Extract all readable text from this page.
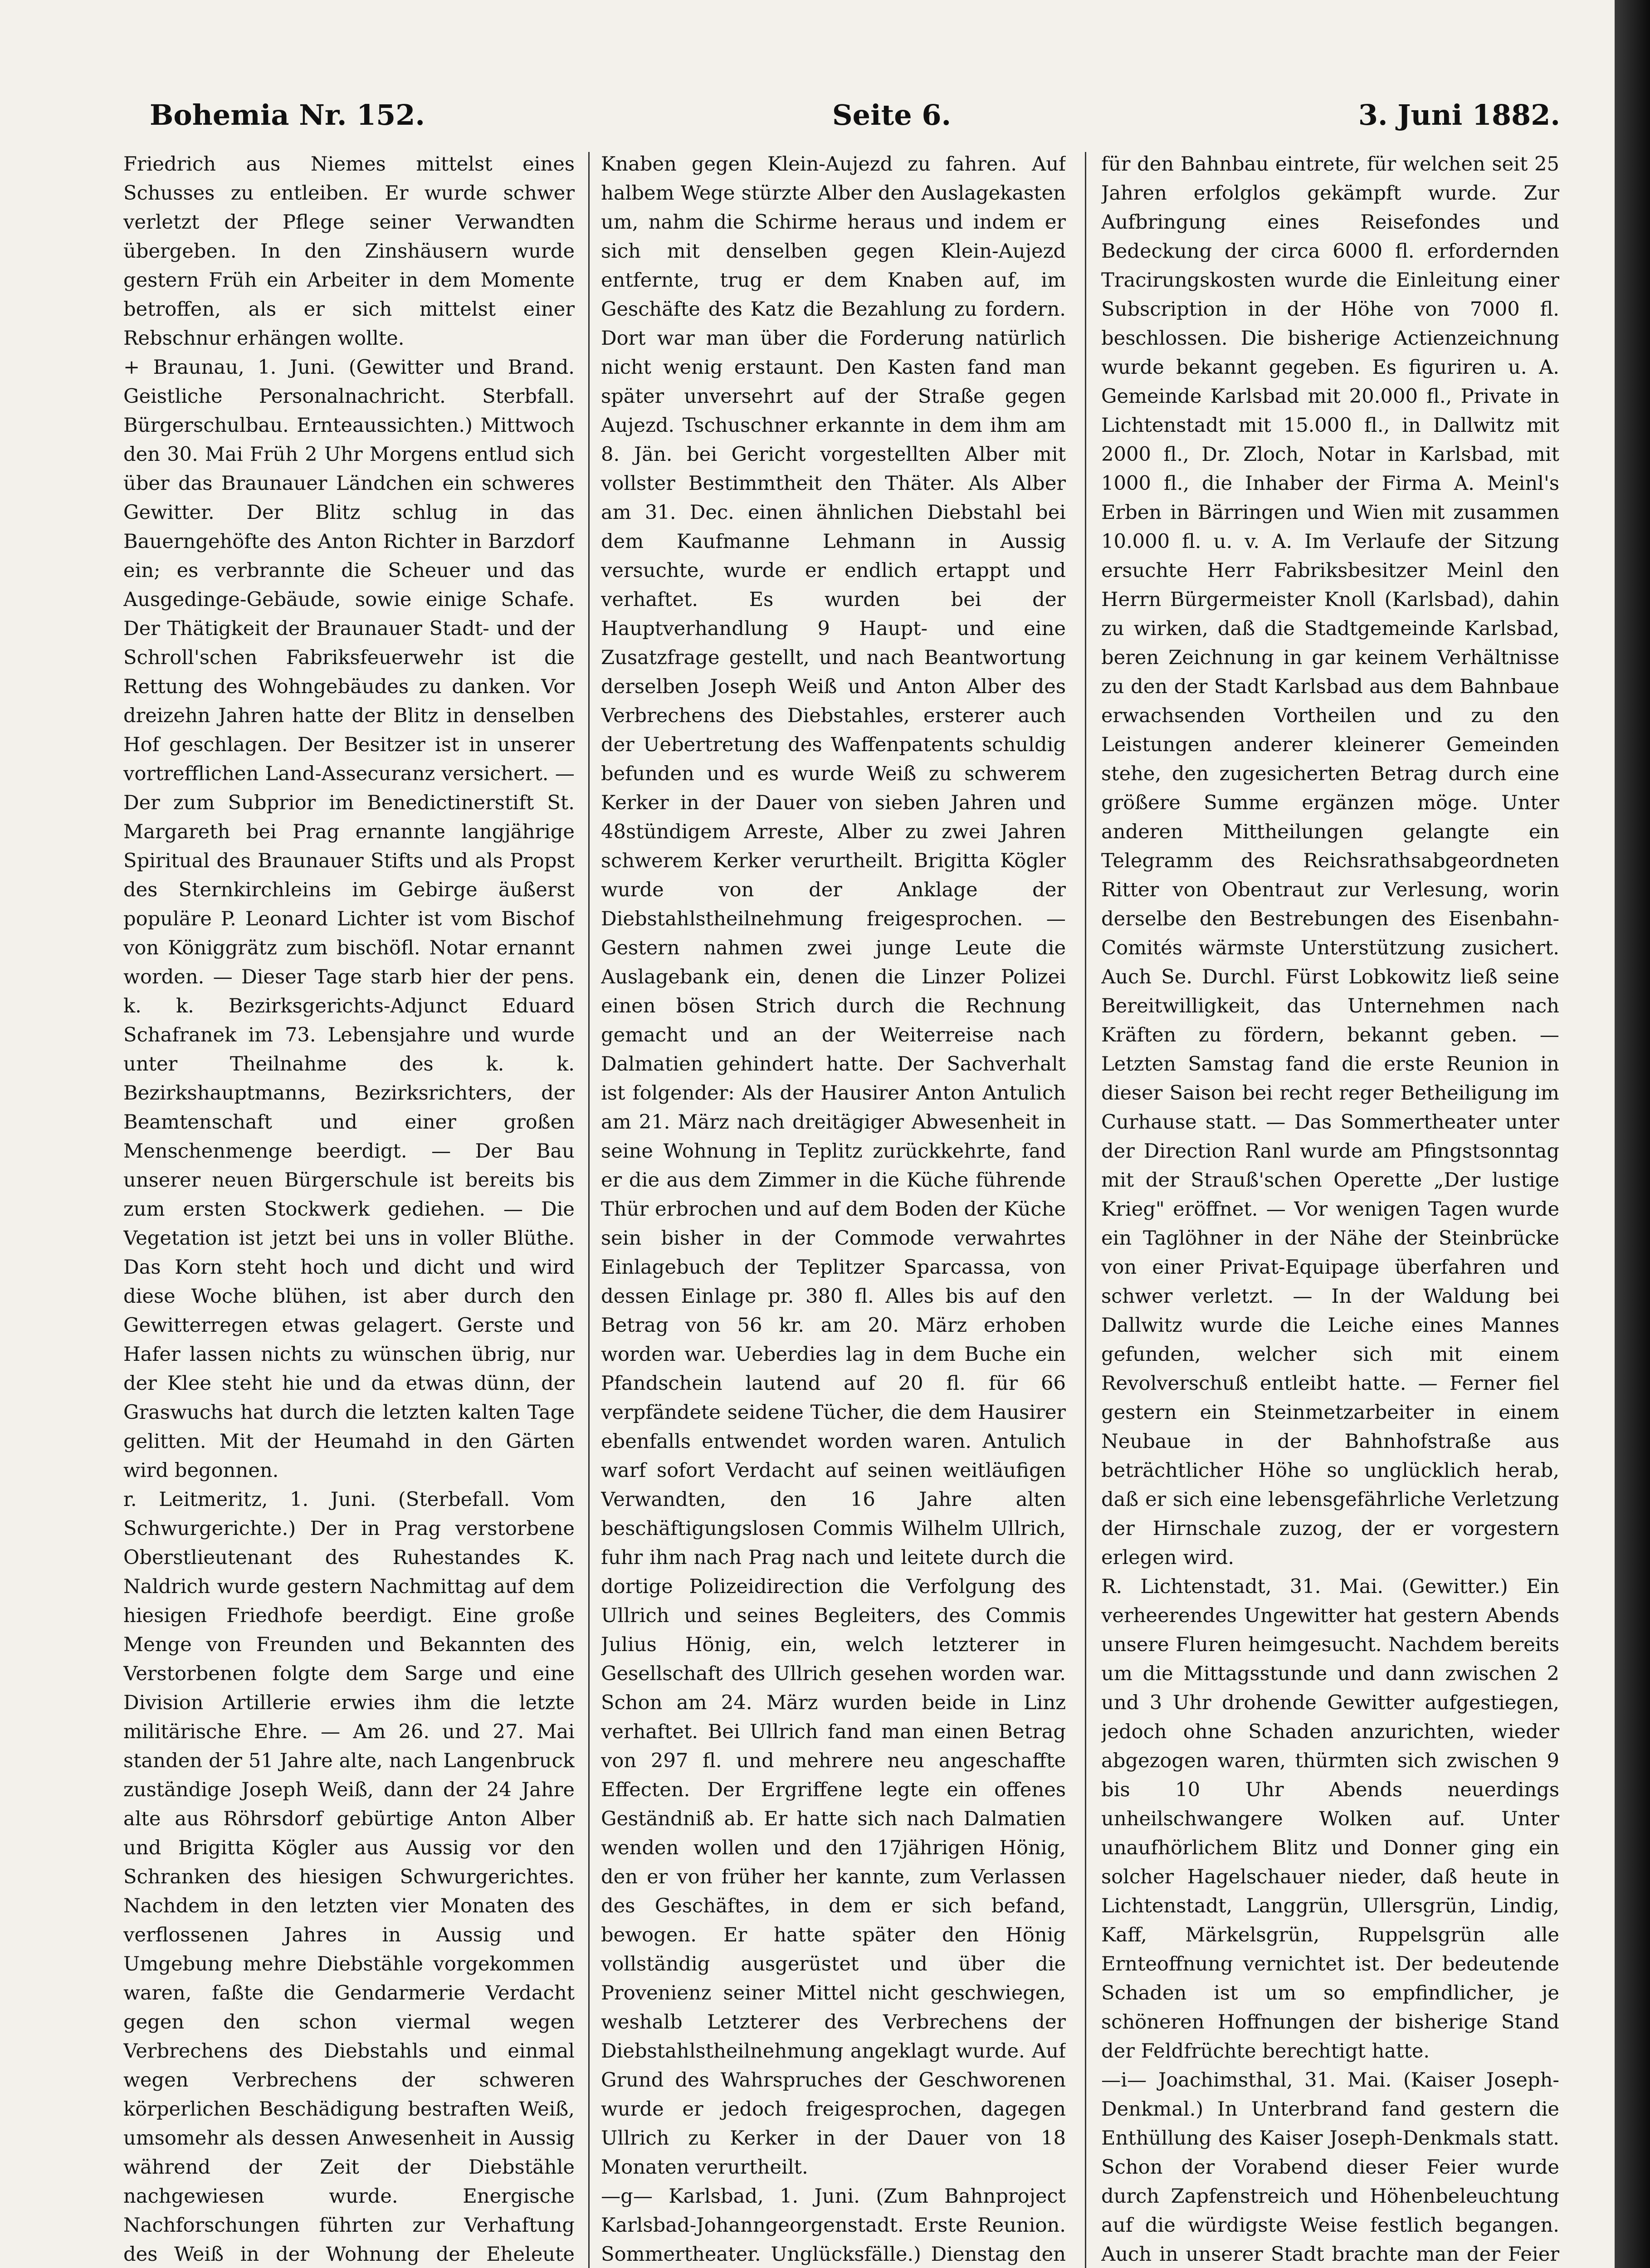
Bohemia Nr. 152.	Seite 6.	3. Juni 1882.

Friedrich aus Niemes mittelst eines Schusses zu entleiben. Er wurde schwer verletzt der Pflege seiner Verwandten übergeben. In den Zinshäusern wurde gestern Früh ein Arbeiter in dem Momente betroffen, als er sich mittelst einer Rebschnur erhängen wollte.

+ Braunau, 1. Juni. (Gewitter und Brand. Geistliche Personalnachricht. Sterbfall. Bürgerschulbau. Ernteaussichten.) Mittwoch den 30. Mai Früh 2 Uhr Morgens entlud sich über das Braunauer Ländchen ein schweres Gewitter. Der Blitz schlug in das Bauerngehöfte des Anton Richter in Barzdorf ein; es verbrannte die Scheuer und das Ausgedinge-Gebäude, sowie einige Schafe. Der Thätigkeit der Braunauer Stadt- und der Schroll'schen Fabriksfeuerwehr ist die Rettung des Wohngebäudes zu danken. Vor dreizehn Jahren hatte der Blitz in denselben Hof geschlagen. Der Besitzer ist in unserer vortrefflichen Land-Assecuranz versichert. — Der zum Subprior im Benedictinerstift St. Margareth bei Prag ernannte langjährige Spiritual des Braunauer Stifts und als Propst des Sternkirchleins im Gebirge äußerst populäre P. Leonard Lichter ist vom Bischof von Königgrätz zum bischöfl. Notar ernannt worden. — Dieser Tage starb hier der pens. k. k. Bezirksgerichts-Adjunct Eduard Schafranek im 73. Lebensjahre und wurde unter Theilnahme des k. k. Bezirkshauptmanns, Bezirksrichters, der Beamtenschaft und einer großen Menschenmenge beerdigt. — Der Bau unserer neuen Bürgerschule ist bereits bis zum ersten Stockwerk gediehen. — Die Vegetation ist jetzt bei uns in voller Blüthe. Das Korn steht hoch und dicht und wird diese Woche blühen, ist aber durch den Gewitterregen etwas gelagert. Gerste und Hafer lassen nichts zu wünschen übrig, nur der Klee steht hie und da etwas dünn, der Graswuchs hat durch die letzten kalten Tage gelitten. Mit der Heumahd in den Gärten wird begonnen.

r. Leitmeritz, 1. Juni. (Sterbefall. Vom Schwurgerichte.) Der in Prag verstorbene Oberstlieutenant des Ruhestandes K. Naldrich wurde gestern Nachmittag auf dem hiesigen Friedhofe beerdigt. Eine große Menge von Freunden und Bekannten des Verstorbenen folgte dem Sarge und eine Division Artillerie erwies ihm die letzte militärische Ehre. — Am 26. und 27. Mai standen der 51 Jahre alte, nach Langenbruck zuständige Joseph Weiß, dann der 24 Jahre alte aus Röhrsdorf gebürtige Anton Alber und Brigitta Kögler aus Aussig vor den Schranken des hiesigen Schwurgerichtes. Nachdem in den letzten vier Monaten des verflossenen Jahres in Aussig und Umgebung mehre Diebstähle vorgekommen waren, faßte die Gendarmerie Verdacht gegen den schon viermal wegen Verbrechens des Diebstahls und einmal wegen Verbrechens der schweren körperlichen Beschädigung bestraften Weiß, umsomehr als dessen Anwesenheit in Aussig während der Zeit der Diebstähle nachgewiesen wurde. Energische Nachforschungen führten zur Verhaftung des Weiß in der Wohnung der Eheleute

Knaben gegen Klein-Aujezd zu fahren. Auf halbem Wege stürzte Alber den Auslagekasten um, nahm die Schirme heraus und indem er sich mit denselben gegen Klein-Aujezd entfernte, trug er dem Knaben auf, im Geschäfte des Katz die Bezahlung zu fordern. Dort war man über die Forderung natürlich nicht wenig erstaunt. Den Kasten fand man später unversehrt auf der Straße gegen Aujezd. Tschuschner erkannte in dem ihm am 8. Jän. bei Gericht vorgestellten Alber mit vollster Bestimmtheit den Thäter. Als Alber am 31. Dec. einen ähnlichen Diebstahl bei dem Kaufmanne Lehmann in Aussig versuchte, wurde er endlich ertappt und verhaftet. Es wurden bei der Hauptverhandlung 9 Haupt- und eine Zusatzfrage gestellt, und nach Beantwortung derselben Joseph Weiß und Anton Alber des Verbrechens des Diebstahles, ersterer auch der Uebertretung des Waffenpatents schuldig befunden und es wurde Weiß zu schwerem Kerker in der Dauer von sieben Jahren und 48stündigem Arreste, Alber zu zwei Jahren schwerem Kerker verurtheilt. Brigitta Kögler wurde von der Anklage der Diebstahlstheilnehmung freigesprochen. — Gestern nahmen zwei junge Leute die Auslagebank ein, denen die Linzer Polizei einen bösen Strich durch die Rechnung gemacht und an der Weiterreise nach Dalmatien gehindert hatte. Der Sachverhalt ist folgender: Als der Hausirer Anton Antulich am 21. März nach dreitägiger Abwesenheit in seine Wohnung in Teplitz zurückkehrte, fand er die aus dem Zimmer in die Küche führende Thür erbrochen und auf dem Boden der Küche sein bisher in der Commode verwahrtes Einlagebuch der Teplitzer Sparcassa, von dessen Einlage pr. 380 fl. Alles bis auf den Betrag von 56 kr. am 20. März erhoben worden war. Ueberdies lag in dem Buche ein Pfandschein lautend auf 20 fl. für 66 verpfändete seidene Tücher, die dem Hausirer ebenfalls entwendet worden waren. Antulich warf sofort Verdacht auf seinen weitläufigen Verwandten, den 16 Jahre alten beschäftigungslosen Commis Wilhelm Ullrich, fuhr ihm nach Prag nach und leitete durch die dortige Polizeidirection die Verfolgung des Ullrich und seines Begleiters, des Commis Julius Hönig, ein, welch letzterer in Gesellschaft des Ullrich gesehen worden war. Schon am 24. März wurden beide in Linz verhaftet. Bei Ullrich fand man einen Betrag von 297 fl. und mehrere neu angeschaffte Effecten. Der Ergriffene legte ein offenes Geständniß ab. Er hatte sich nach Dalmatien wenden wollen und den 17jährigen Hönig, den er von früher her kannte, zum Verlassen des Geschäftes, in dem er sich befand, bewogen. Er hatte später den Hönig vollständig ausgerüstet und über die Provenienz seiner Mittel nicht geschwiegen, weshalb Letzterer des Verbrechens der Diebstahlstheilnehmung angeklagt wurde. Auf Grund des Wahrspruches der Geschworenen wurde er jedoch freigesprochen, dagegen Ullrich zu Kerker in der Dauer von 18 Monaten verurtheilt.

—g— Karlsbad, 1. Juni. (Zum Bahnproject Karlsbad-Johanngeorgenstadt. Erste Reunion. Sommertheater. Unglücksfälle.) Dienstag den

für den Bahnbau eintrete, für welchen seit 25 Jahren erfolglos gekämpft wurde. Zur Aufbringung eines Reisefondes und Bedeckung der circa 6000 fl. erfordernden Tracirungskosten wurde die Einleitung einer Subscription in der Höhe von 7000 fl. beschlossen. Die bisherige Actienzeichnung wurde bekannt gegeben. Es figuriren u. A. Gemeinde Karlsbad mit 20.000 fl., Private in Lichtenstadt mit 15.000 fl., in Dallwitz mit 2000 fl., Dr. Zloch, Notar in Karlsbad, mit 1000 fl., die Inhaber der Firma A. Meinl's Erben in Bärringen und Wien mit zusammen 10.000 fl. u. v. A. Im Verlaufe der Sitzung ersuchte Herr Fabriksbesitzer Meinl den Herrn Bürgermeister Knoll (Karlsbad), dahin zu wirken, daß die Stadtgemeinde Karlsbad, beren Zeichnung in gar keinem Verhältnisse zu den der Stadt Karlsbad aus dem Bahnbaue erwachsenden Vortheilen und zu den Leistungen anderer kleinerer Gemeinden stehe, den zugesicherten Betrag durch eine größere Summe ergänzen möge. Unter anderen Mittheilungen gelangte ein Telegramm des Reichsrathsabgeordneten Ritter von Obentraut zur Verlesung, worin derselbe den Bestrebungen des Eisenbahn-Comités wärmste Unterstützung zusichert. Auch Se. Durchl. Fürst Lobkowitz ließ seine Bereitwilligkeit, das Unternehmen nach Kräften zu fördern, bekannt geben. — Letzten Samstag fand die erste Reunion in dieser Saison bei recht reger Betheiligung im Curhause statt. — Das Sommertheater unter der Direction Ranl wurde am Pfingstsonntag mit der Strauß'schen Operette „Der lustige Krieg" eröffnet. — Vor wenigen Tagen wurde ein Taglöhner in der Nähe der Steinbrücke von einer Privat-Equipage überfahren und schwer verletzt. — In der Waldung bei Dallwitz wurde die Leiche eines Mannes gefunden, welcher sich mit einem Revolverschuß entleibt hatte. — Ferner fiel gestern ein Steinmetzarbeiter in einem Neubaue in der Bahnhofstraße aus beträchtlicher Höhe so unglücklich herab, daß er sich eine lebensgefährliche Verletzung der Hirnschale zuzog, der er vorgestern erlegen wird.

R. Lichtenstadt, 31. Mai. (Gewitter.) Ein verheerendes Ungewitter hat gestern Abends unsere Fluren heimgesucht. Nachdem bereits um die Mittagsstunde und dann zwischen 2 und 3 Uhr drohende Gewitter aufgestiegen, jedoch ohne Schaden anzurichten, wieder abgezogen waren, thürmten sich zwischen 9 bis 10 Uhr Abends neuerdings unheilschwangere Wolken auf. Unter unaufhörlichem Blitz und Donner ging ein solcher Hagelschauer nieder, daß heute in Lichtenstadt, Langgrün, Ullersgrün, Lindig, Kaff, Märkelsgrün, Ruppelsgrün alle Ernteoffnung vernichtet ist. Der bedeutende Schaden ist um so empfindlicher, je schöneren Hoffnungen der bisherige Stand der Feldfrüchte berechtigt hatte.

—i— Joachimsthal, 31. Mai. (Kaiser Joseph-Denkmal.) In Unterbrand fand gestern die Enthüllung des Kaiser Joseph-Denkmals statt. Schon der Vorabend dieser Feier wurde durch Zapfenstreich und Höhenbeleuchtung auf die würdigste Weise festlich begangen. Auch in unserer Stadt brachte man der Feier
